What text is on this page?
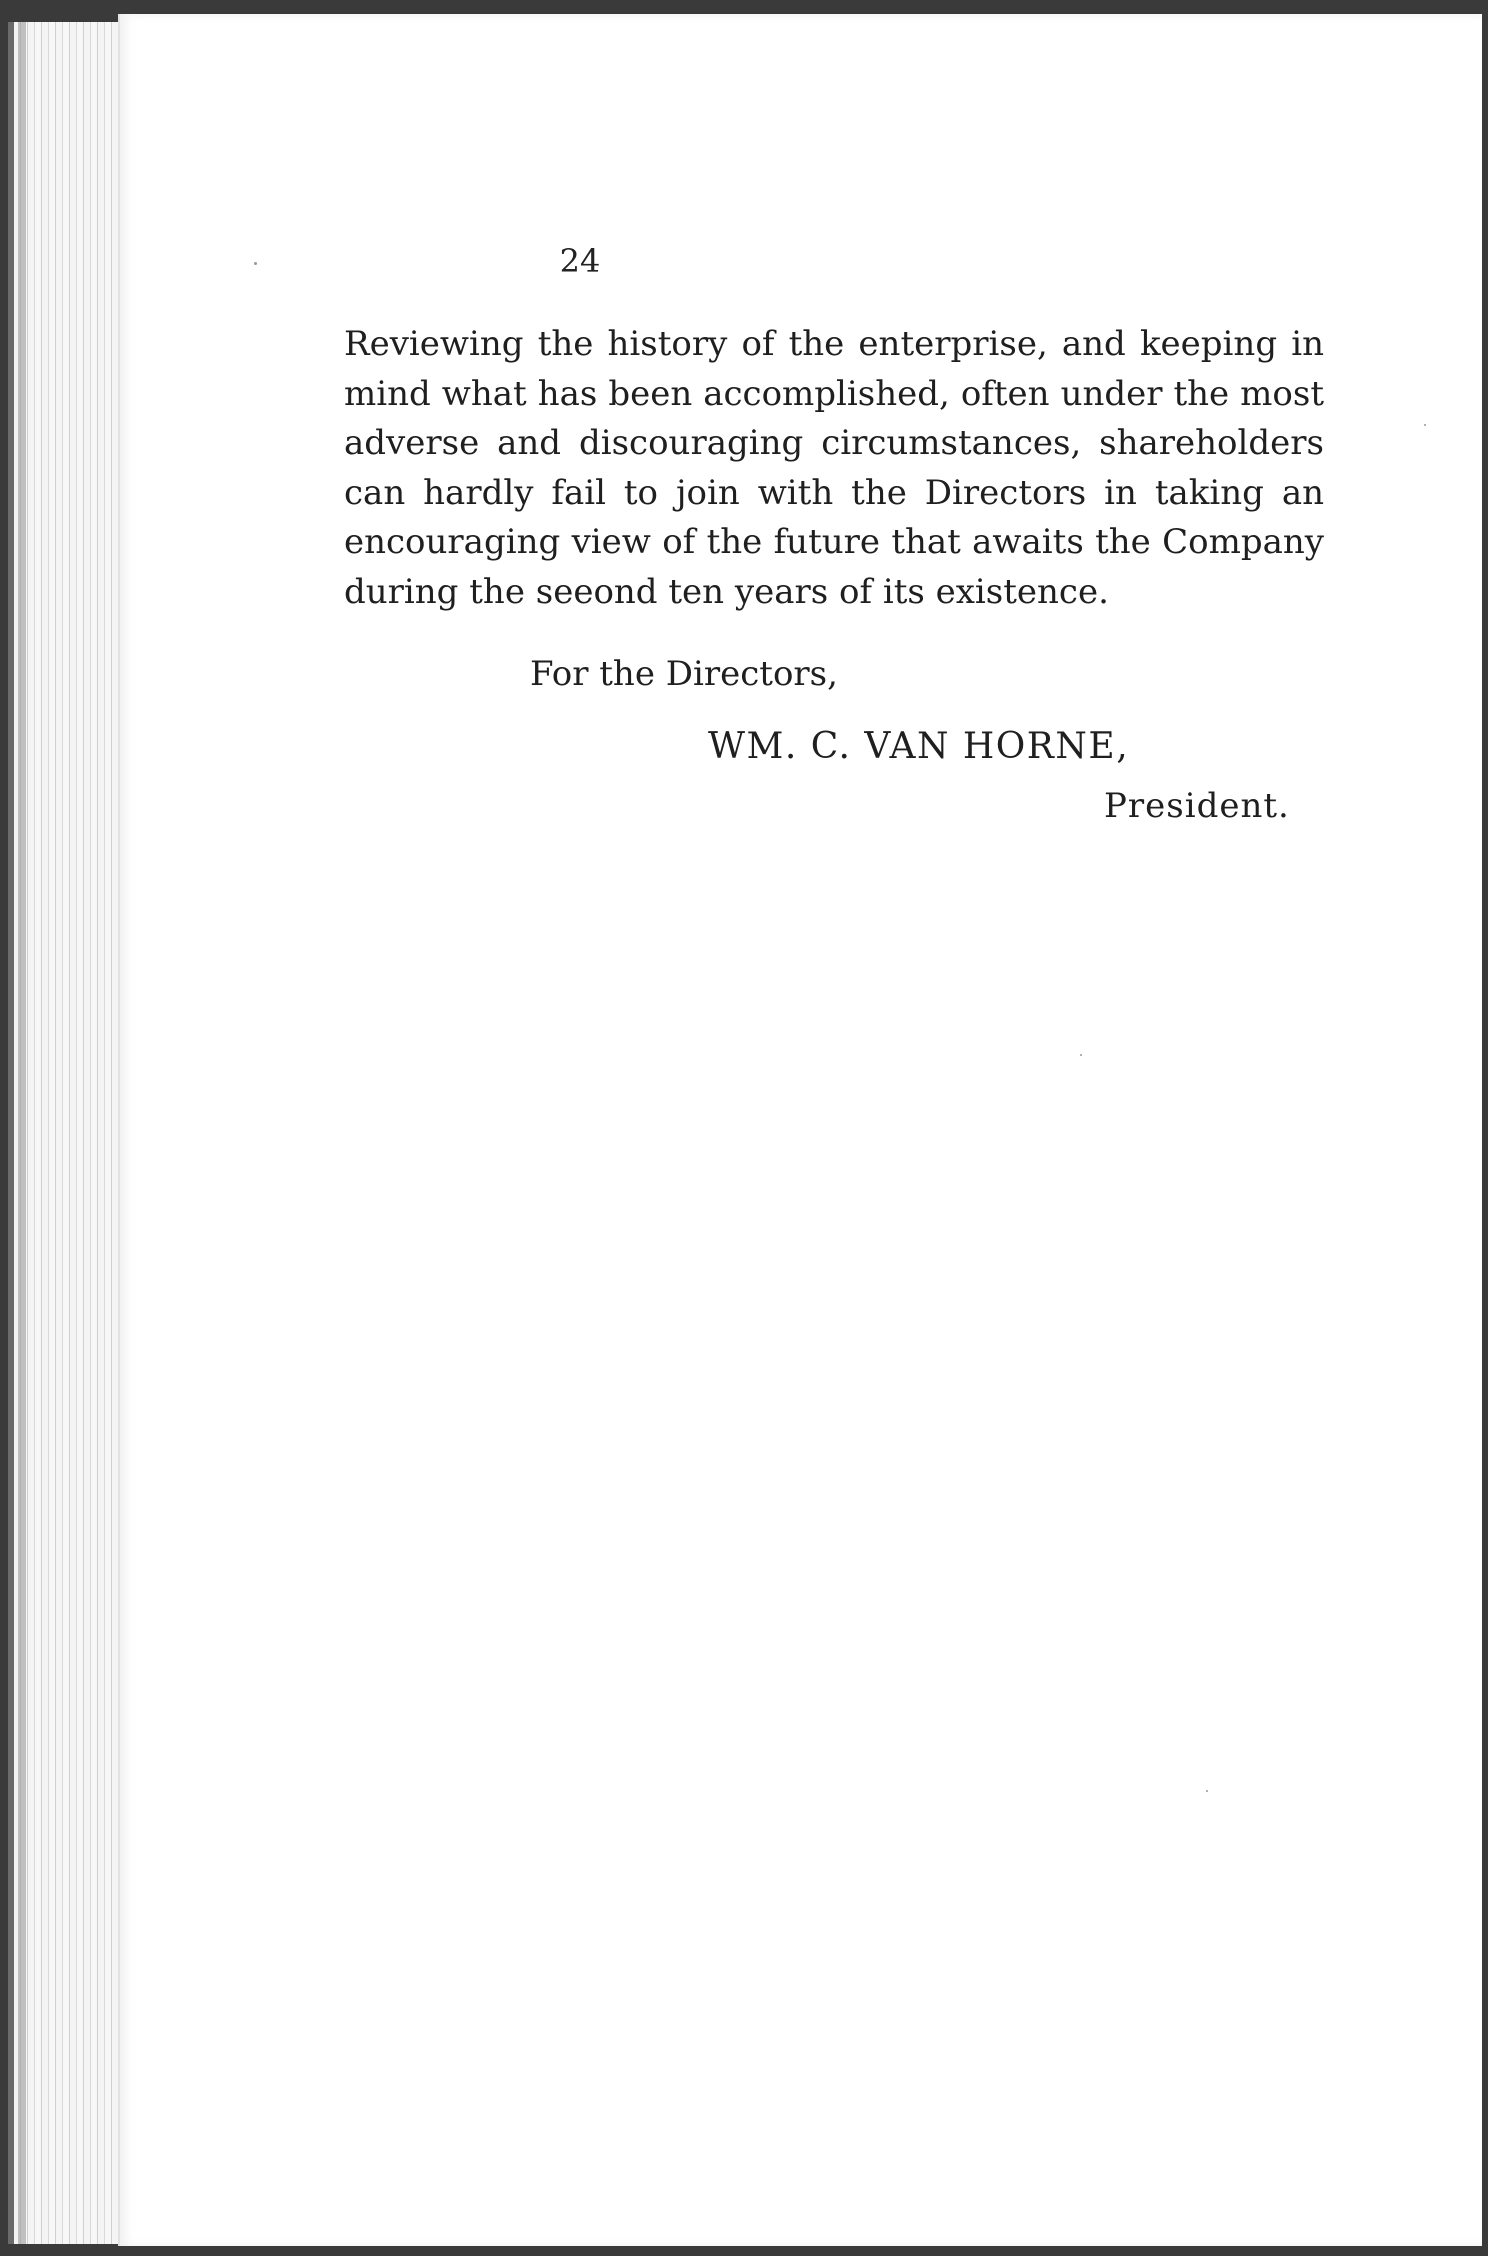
24

Reviewing the history of the enterprise, and keeping in mind what has been accomplished, often under the most adverse and discouraging circumstances, shareholders can hardly fail to join with the Directors in taking an encouraging view of the future that awaits the Company during the seeond ten years of its existence.

For the Directors,

WM. C. VAN HORNE,

President.
